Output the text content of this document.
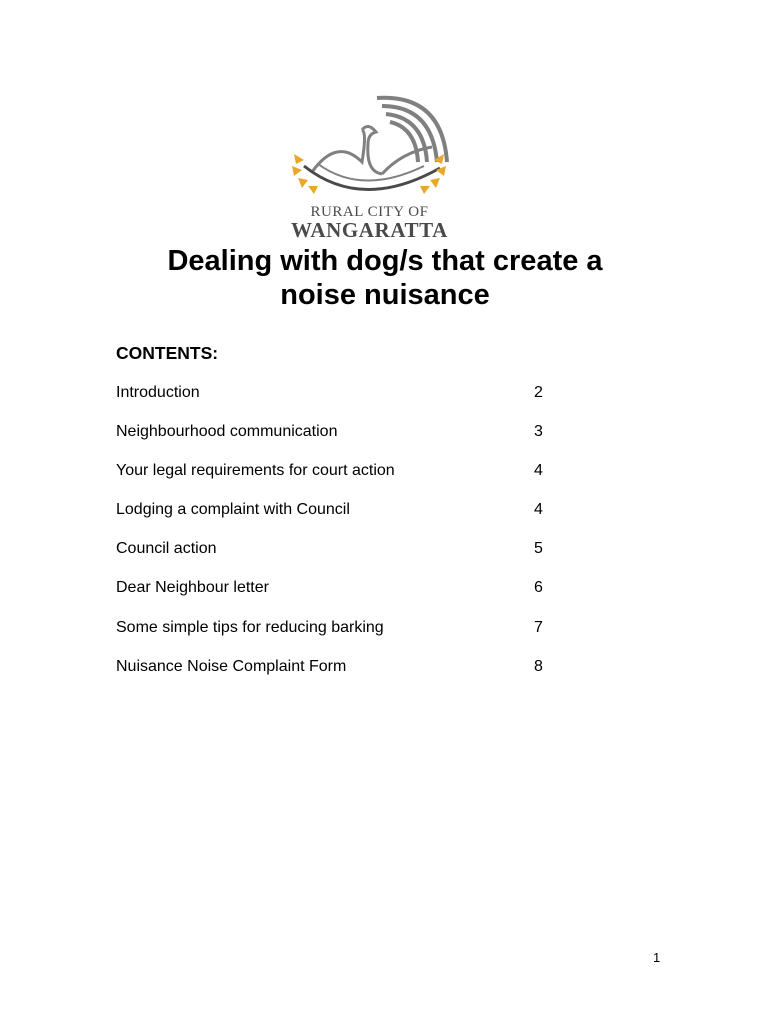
RURAL CITY OF
WANGARATTA
Dealing with dog/s that create a
noise nuisance
CONTENTS:
Introduction	2
Neighbourhood communication	3
Your legal requirements for court action	4
Lodging a complaint with Council	4
Council action	5
Dear Neighbour letter	6
Some simple tips for reducing barking	7
Nuisance Noise Complaint Form	8
1
